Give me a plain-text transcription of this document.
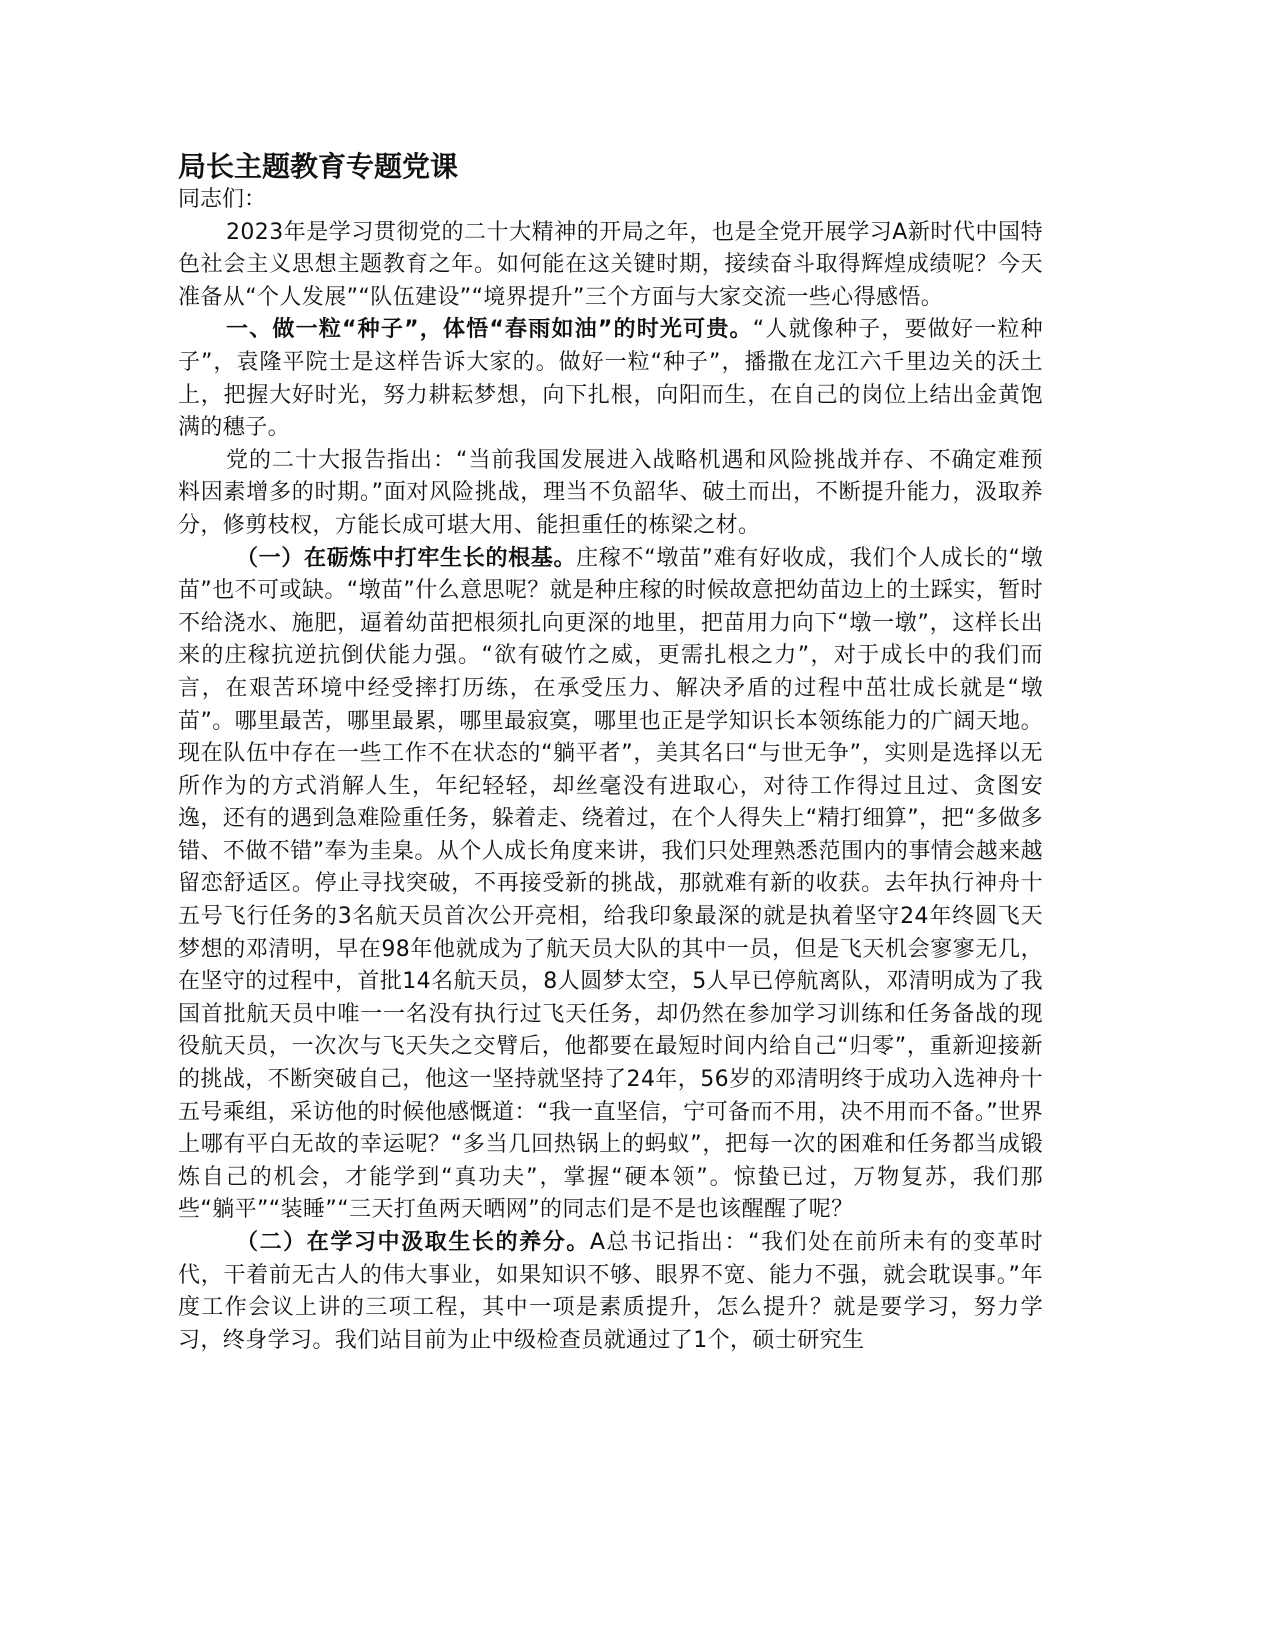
局长主题教育专题党课

同志们：

2023年是学习贯彻党的二十大精神的开局之年，也是全党开展学习A新时代中国特色社会主义思想主题教育之年。如何能在这关键时期，接续奋斗取得辉煌成绩呢？今天准备从“个人发展”“队伍建设”“境界提升”三个方面与大家交流一些心得感悟。

一、做一粒“种子”，体悟“春雨如油”的时光可贵。“人就像种子，要做好一粒种子”，袁隆平院士是这样告诉大家的。做好一粒“种子”，播撒在龙江六千里边关的沃土上，把握大好时光，努力耕耘梦想，向下扎根，向阳而生，在自己的岗位上结出金黄饱满的穗子。

党的二十大报告指出：“当前我国发展进入战略机遇和风险挑战并存、不确定难预料因素增多的时期。”面对风险挑战，理当不负韶华、破土而出，不断提升能力，汲取养分，修剪枝杈，方能长成可堪大用、能担重任的栋梁之材。

（一）在砺炼中打牢生长的根基。庄稼不“墩苗”难有好收成，我们个人成长的“墩苗”也不可或缺。“墩苗”什么意思呢？就是种庄稼的时候故意把幼苗边上的土踩实，暂时不给浇水、施肥，逼着幼苗把根须扎向更深的地里，把苗用力向下“墩一墩”，这样长出来的庄稼抗逆抗倒伏能力强。“欲有破竹之威，更需扎根之力”，对于成长中的我们而言，在艰苦环境中经受摔打历练，在承受压力、解决矛盾的过程中茁壮成长就是“墩苗”。哪里最苦，哪里最累，哪里最寂寞，哪里也正是学知识长本领练能力的广阔天地。现在队伍中存在一些工作不在状态的“躺平者”，美其名曰“与世无争”，实则是选择以无所作为的方式消解人生，年纪轻轻，却丝毫没有进取心，对待工作得过且过、贪图安逸，还有的遇到急难险重任务，躲着走、绕着过，在个人得失上“精打细算”，把“多做多错、不做不错”奉为圭臬。从个人成长角度来讲，我们只处理熟悉范围内的事情会越来越留恋舒适区。停止寻找突破，不再接受新的挑战，那就难有新的收获。去年执行神舟十五号飞行任务的3名航天员首次公开亮相，给我印象最深的就是执着坚守24年终圆飞天梦想的邓清明，早在98年他就成为了航天员大队的其中一员，但是飞天机会寥寥无几，在坚守的过程中，首批14名航天员，8人圆梦太空，5人早已停航离队，邓清明成为了我国首批航天员中唯一一名没有执行过飞天任务，却仍然在参加学习训练和任务备战的现役航天员，一次次与飞天失之交臂后，他都要在最短时间内给自己“归零”，重新迎接新的挑战，不断突破自己，他这一坚持就坚持了24年，56岁的邓清明终于成功入选神舟十五号乘组，采访他的时候他感慨道：“我一直坚信，宁可备而不用，决不用而不备。”世界上哪有平白无故的幸运呢？“多当几回热锅上的蚂蚁”，把每一次的困难和任务都当成锻炼自己的机会，才能学到“真功夫”，掌握“硬本领”。惊蛰已过，万物复苏，我们那些“躺平”“装睡”“三天打鱼两天晒网”的同志们是不是也该醒醒了呢？

（二）在学习中汲取生长的养分。A总书记指出：“我们处在前所未有的变革时代，干着前无古人的伟大事业，如果知识不够、眼界不宽、能力不强，就会耽误事。”年度工作会议上讲的三项工程，其中一项是素质提升，怎么提升？就是要学习，努力学习，终身学习。我们站目前为止中级检查员就通过了1个，硕士研究生
